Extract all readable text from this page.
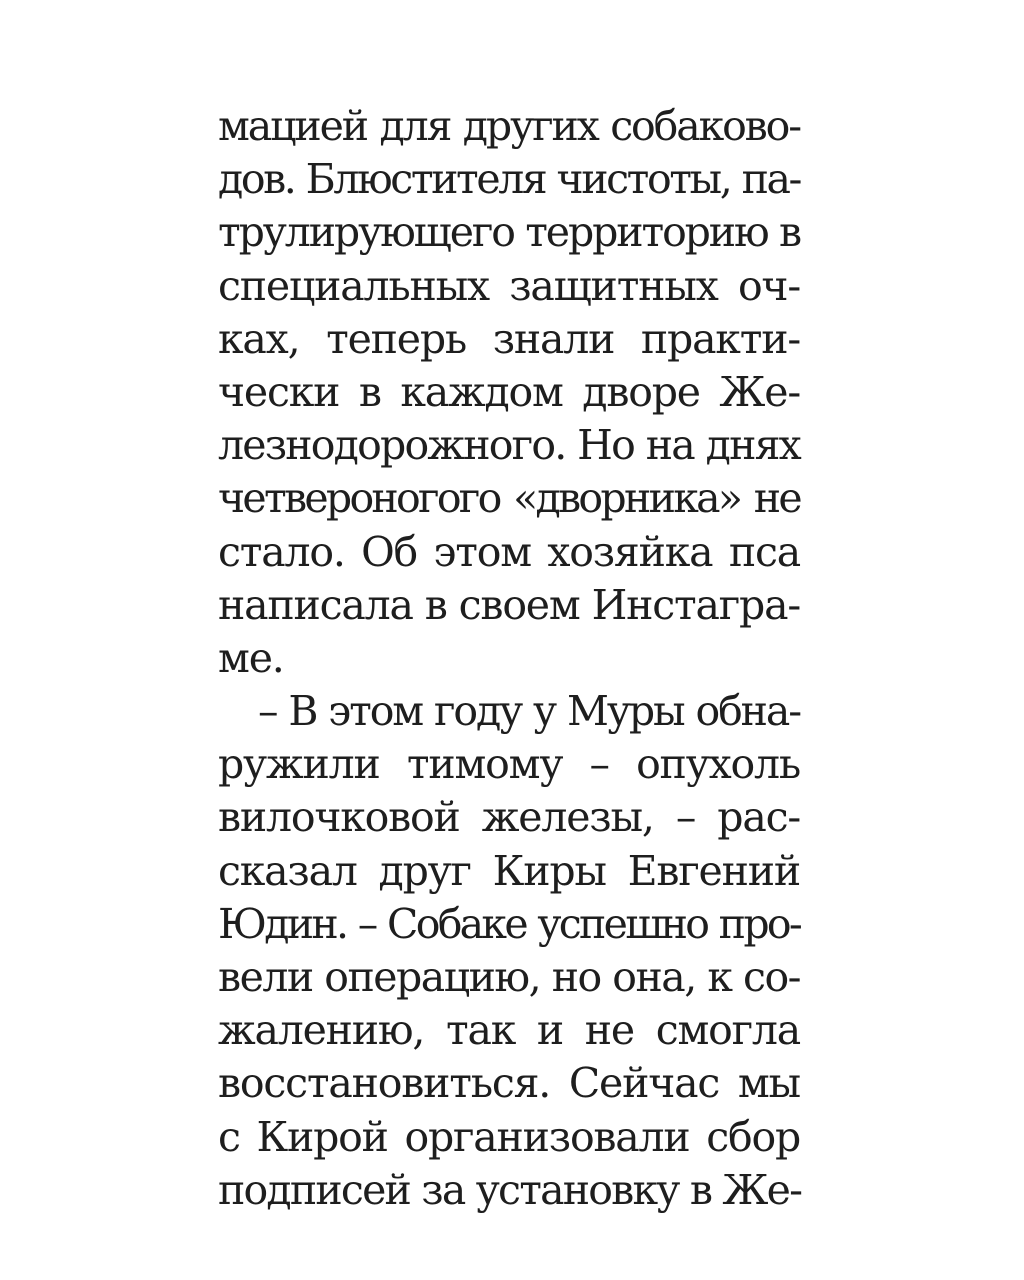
мацией для других собаково-
дов. Блюстителя чистоты, па-
трулирующего территорию в
специальных защитных оч-
ках, теперь знали практи-
чески в каждом дворе Же-
лезнодорожного. Но на днях
четвероногого «дворника» не
стало. Об этом хозяйка пса
написала в своем Инстагра-
ме.
– В этом году у Муры обна-
ружили тимому – опухоль
вилочковой железы, – рас-
сказал друг Киры Евгений
Юдин. – Собаке успешно про-
вели операцию, но она, к со-
жалению, так и не смогла
восстановиться. Сейчас мы
с Кирой организовали сбор
подписей за установку в Же-
